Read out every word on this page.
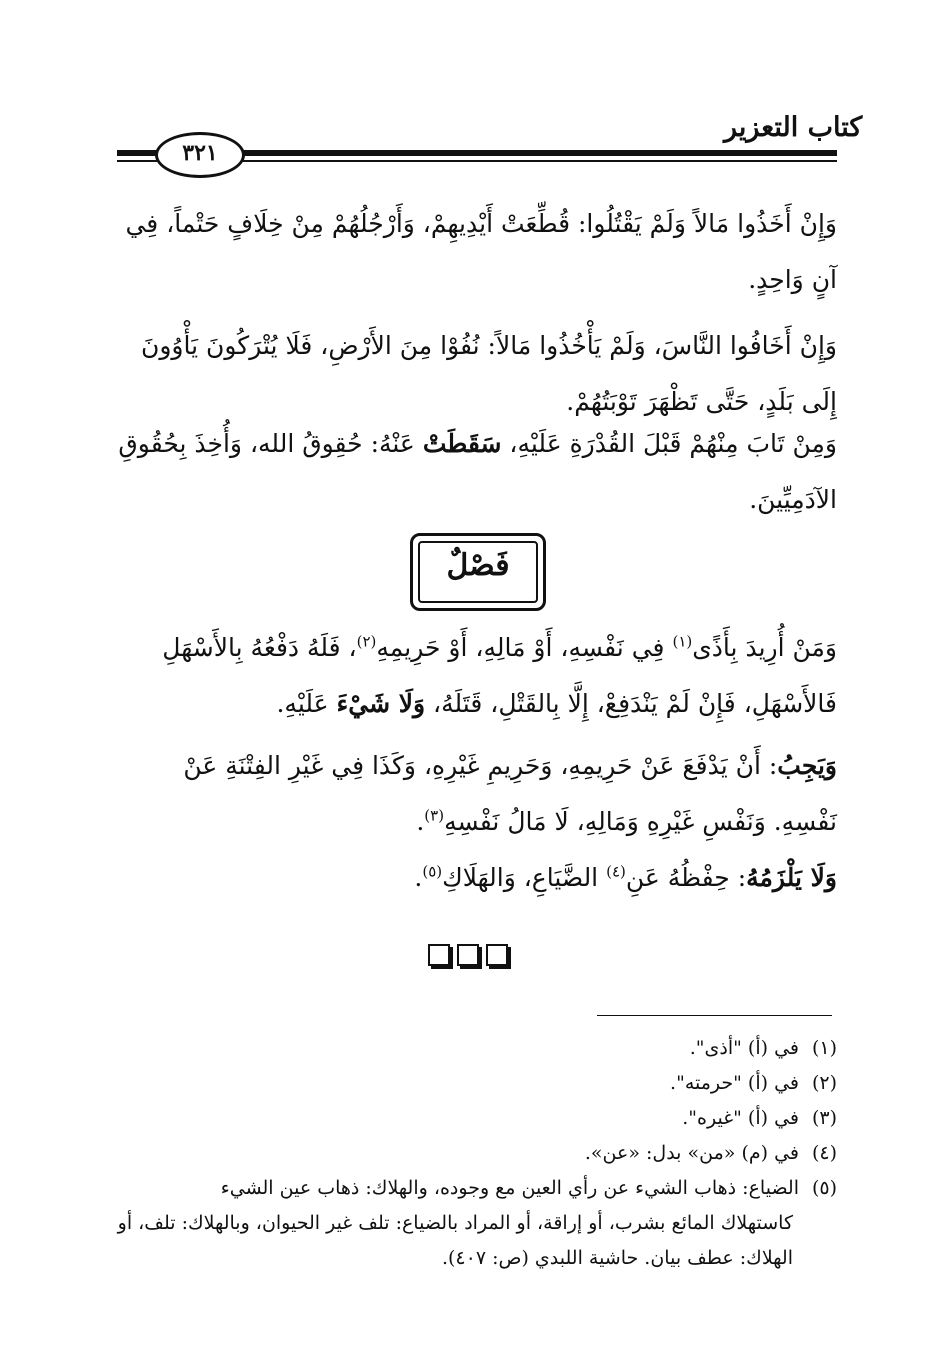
كتاب التعزير
٣٢١

وَإِنْ أَخَذُوا مَالاً وَلَمْ يَقْتُلُوا: قُطِّعَتْ أَيْدِيهِمْ، وَأَرْجُلُهُمْ مِنْ خِلَافٍ حَتْماً، فِي آنٍ وَاحِدٍ.

وَإِنْ أَخَافُوا النَّاسَ، وَلَمْ يَأْخُذُوا مَالاً: نُفُوْا مِنَ الأَرْضِ، فَلَا يُتْرَكُونَ يَأْوُونَ إِلَى بَلَدٍ، حَتَّى تَظْهَرَ تَوْبَتُهُمْ.

وَمِنْ تَابَ مِنْهُمْ قَبْلَ القُدْرَةِ عَلَيْهِ، سَقَطَتْ عَنْهُ: حُقِوقُ الله، وَأُخِذَ بِحُقُوقِ الآدَمِيِّينَ.

فَصْلٌ

وَمَنْ أُرِيدَ بِأَذًى$^{(١)}$ فِي نَفْسِهِ، أَوْ مَالِهِ، أَوْ حَرِيمِهِ$^{(٢)}$، فَلَهُ دَفْعُهُ بِالأَسْهَلِ فَالأَسْهَلِ، فَإِنْ لَمْ يَنْدَفِعْ، إِلَّا بِالقَتْلِ، قَتَلَهُ، وَلَا شَيْءَ عَلَيْهِ.

وَيَجِبُ: أَنْ يَدْفَعَ عَنْ حَرِيمِهِ، وَحَرِيمِ غَيْرِهِ، وَكَذَا فِي غَيْرِ الفِتْنَةِ عَنْ نَفْسِهِ. وَنَفْسِ غَيْرِهِ وَمَالِهِ، لَا مَالُ نَفْسِهِ$^{(٣)}$.

وَلَا يَلْزَمُهُ: حِفْظُهُ عَنِ$^{(٤)}$ الضَّيَاعِ، وَالهَلَاكِ$^{(٥)}$.

(١)في (أ) "أذى".

(٢)في (أ) "حرمته".

(٣)في (أ) "غيره".

(٤)في (م) «من» بدل: «عن».

(٥)الضياع: ذهاب الشيء عن رأي العين مع وجوده، والهلاك: ذهاب عين الشيء

كاستهلاك المائع بشرب، أو إراقة، أو المراد بالضياع: تلف غير الحيوان، وبالهلاك: تلف، أو الهلاك: عطف بيان. حاشية اللبدي (ص: ٤٠٧).
